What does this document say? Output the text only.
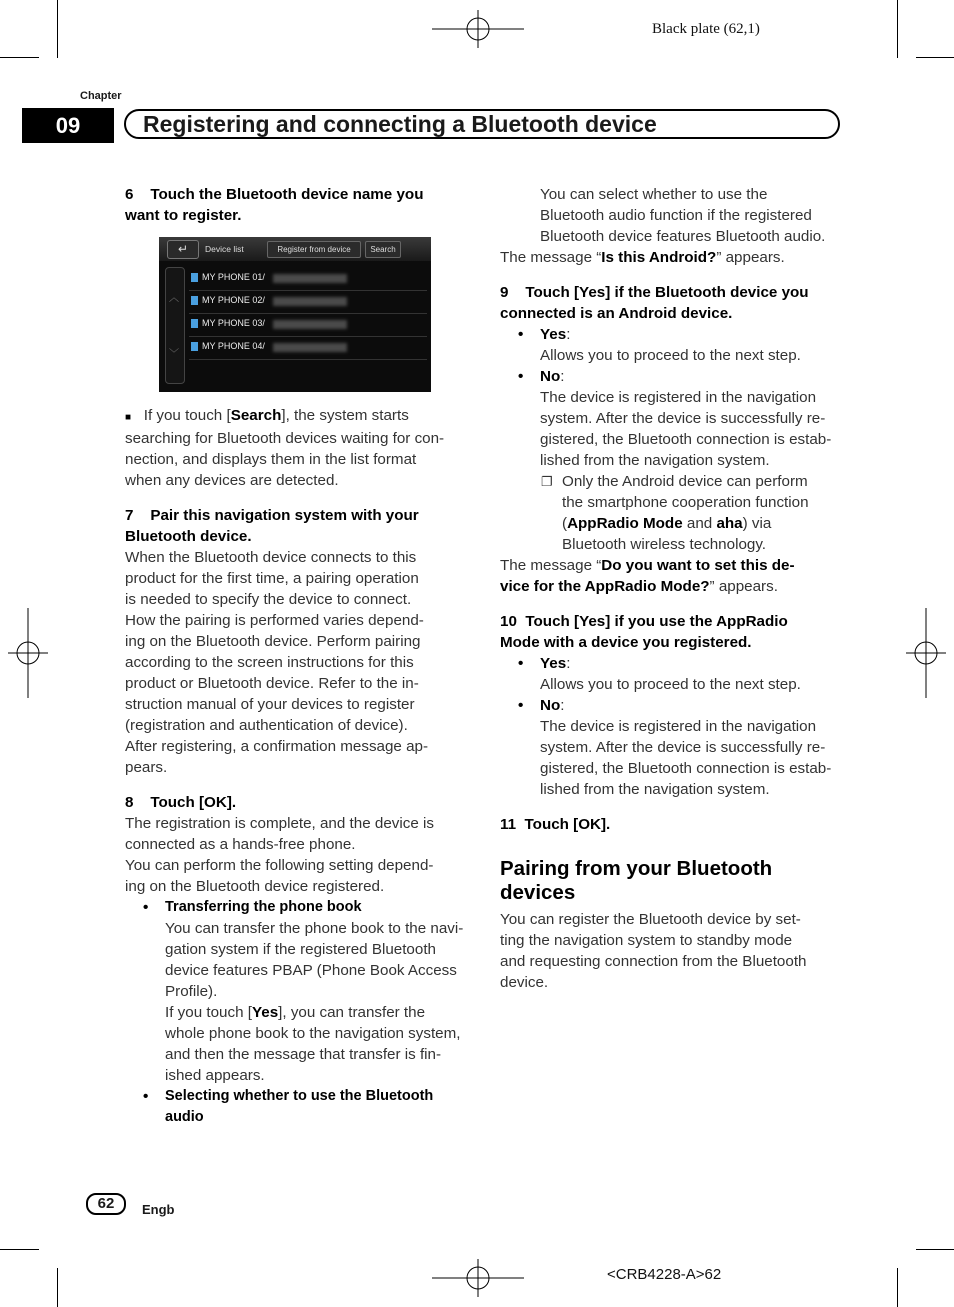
Black plate (62,1)
Chapter
09	Registering and connecting a Bluetooth device

6 Touch the Bluetooth device name you
want to register.

↵	Device list	Register from device	Search
︿
﹀
MY PHONE 01/
MY PHONE 02/
MY PHONE 03/
MY PHONE 04/

■ If you touch [Search], the system starts
searching for Bluetooth devices waiting for con-
nection, and displays them in the list format
when any devices are detected.

7 Pair this navigation system with your
Bluetooth device.

When the Bluetooth device connects to this
product for the first time, a pairing operation
is needed to specify the device to connect.
How the pairing is performed varies depend-
ing on the Bluetooth device. Perform pairing
according to the screen instructions for this
product or Bluetooth device. Refer to the in-
struction manual of your devices to register
(registration and authentication of device).
After registering, a confirmation message ap-
pears.

8 Touch [OK].

The registration is complete, and the device is
connected as a hands-free phone.
You can perform the following setting depend-
ing on the Bluetooth device registered.

• Transferring the phone book
You can transfer the phone book to the navi-
gation system if the registered Bluetooth
device features PBAP (Phone Book Access
Profile).
If you touch [Yes], you can transfer the
whole phone book to the navigation system,
and then the message that transfer is fin-
ished appears.
• Selecting whether to use the Bluetooth
audio

You can select whether to use the
Bluetooth audio function if the registered
Bluetooth device features Bluetooth audio.

The message “Is this Android?” appears.

9 Touch [Yes] if the Bluetooth device you
connected is an Android device.

• Yes:
Allows you to proceed to the next step.
• No:
The device is registered in the navigation
system. After the device is successfully re-
gistered, the Bluetooth connection is estab-
lished from the navigation system.
❐ Only the Android device can perform
the smartphone cooperation function
(AppRadio Mode and aha) via
Bluetooth wireless technology.

The message “Do you want to set this de-
vice for the AppRadio Mode?” appears.

10 Touch [Yes] if you use the AppRadio
Mode with a device you registered.

• Yes:
Allows you to proceed to the next step.
• No:
The device is registered in the navigation
system. After the device is successfully re-
gistered, the Bluetooth connection is estab-
lished from the navigation system.

11 Touch [OK].

Pairing from your Bluetooth
devices

You can register the Bluetooth device by set-
ting the navigation system to standby mode
and requesting connection from the Bluetooth
device.

62	Engb
<CRB4228-A>62
